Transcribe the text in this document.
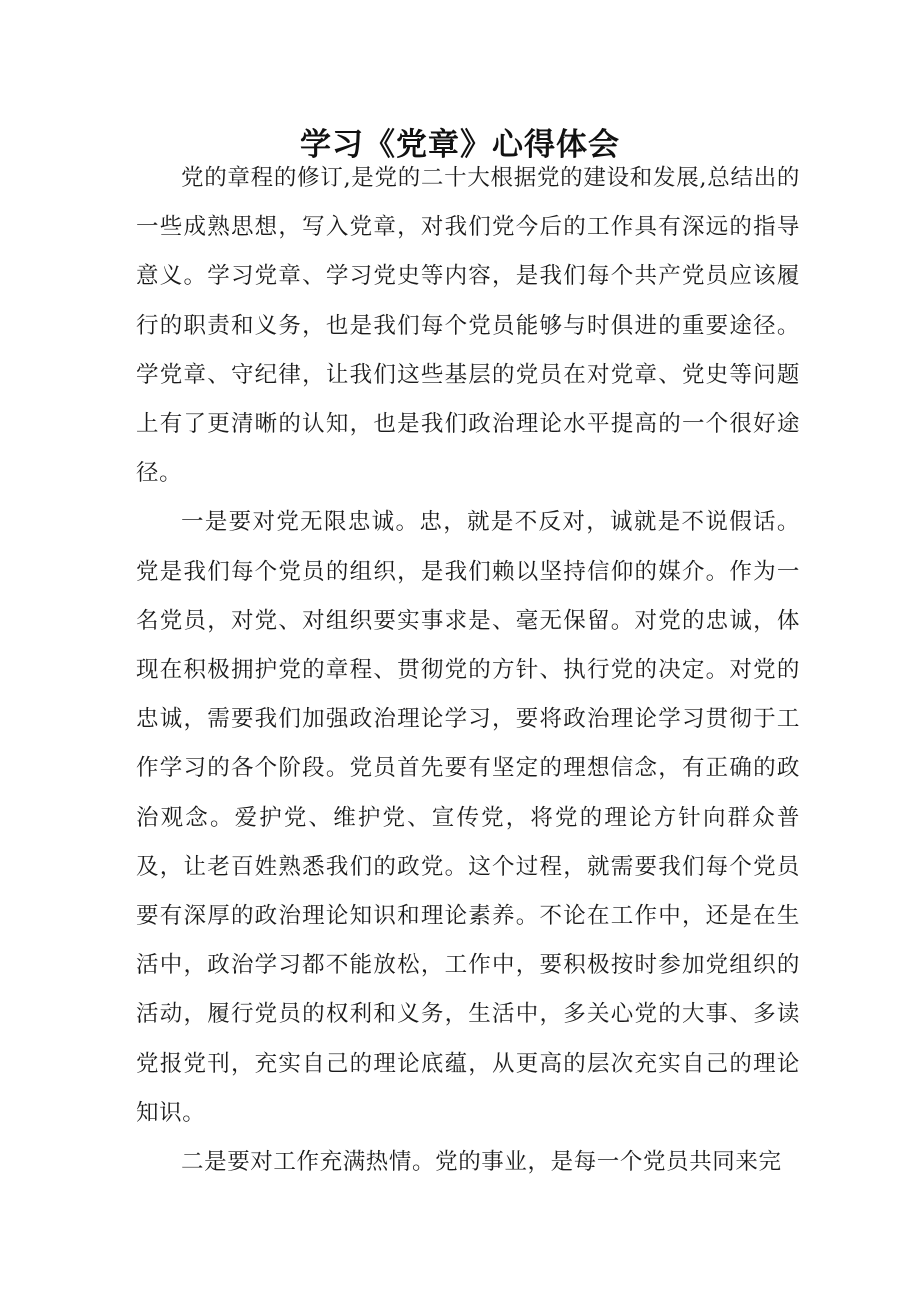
学习《党章》心得体会

党的章程的修订,是党的二十大根据党的建设和发展,总结出的一些成熟思想，写入党章，对我们党今后的工作具有深远的指导意义。学习党章、学习党史等内容，是我们每个共产党员应该履行的职责和义务，也是我们每个党员能够与时俱进的重要途径。学党章、守纪律，让我们这些基层的党员在对党章、党史等问题上有了更清晰的认知，也是我们政治理论水平提高的一个很好途径。

一是要对党无限忠诚。忠，就是不反对，诚就是不说假话。党是我们每个党员的组织，是我们赖以坚持信仰的媒介。作为一名党员，对党、对组织要实事求是、毫无保留。对党的忠诚，体现在积极拥护党的章程、贯彻党的方针、执行党的决定。对党的忠诚，需要我们加强政治理论学习，要将政治理论学习贯彻于工作学习的各个阶段。党员首先要有坚定的理想信念，有正确的政治观念。爱护党、维护党、宣传党，将党的理论方针向群众普及，让老百姓熟悉我们的政党。这个过程，就需要我们每个党员要有深厚的政治理论知识和理论素养。不论在工作中，还是在生活中，政治学习都不能放松，工作中，要积极按时参加党组织的活动，履行党员的权利和义务，生活中，多关心党的大事、多读党报党刊，充实自己的理论底蕴，从更高的层次充实自己的理论知识。

二是要对工作充满热情。党的事业，是每一个党员共同来完
